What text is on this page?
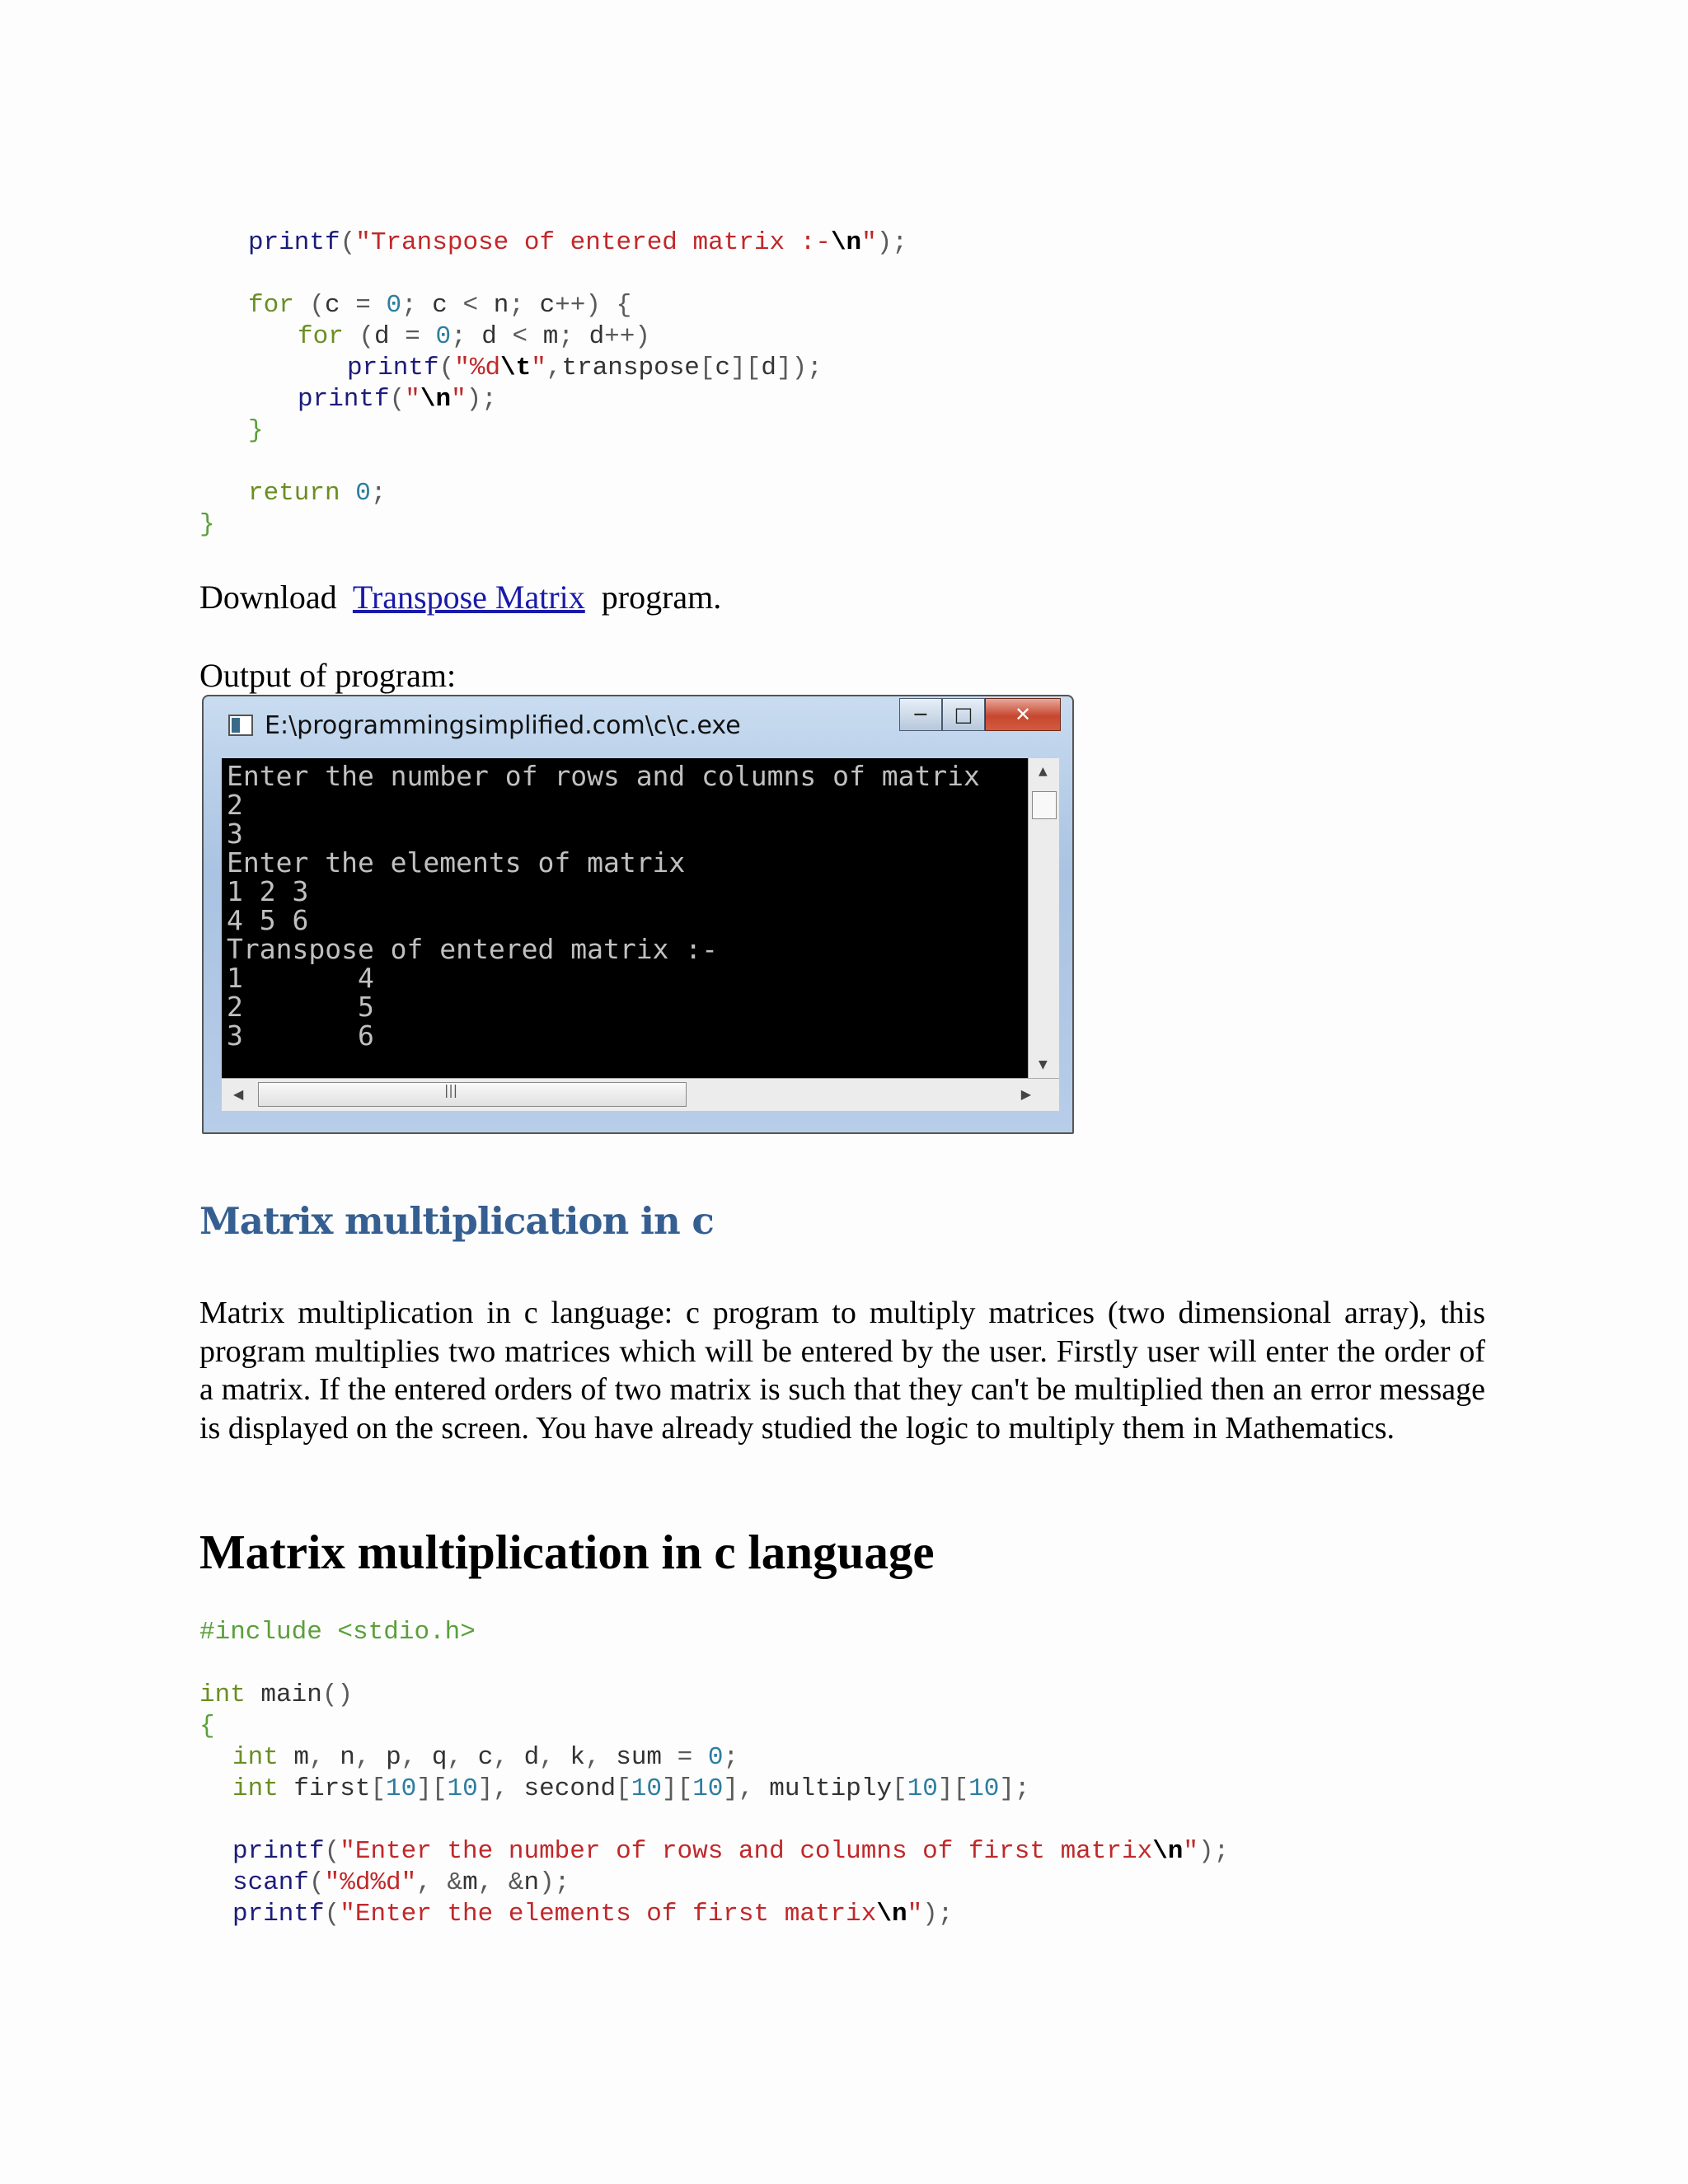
printf("Transpose of entered matrix :-\n");
for (c = 0; c < n; c++) {
for (d = 0; d < m; d++)
printf("%d\t",transpose[c][d]);
printf("\n");
}
return 0;
}
Download Transpose Matrix program.
Output of program:
E:\programmingsimplified.com\c\c.exe	─ □ ✕
Enter the number of rows and columns of matrix
2
3
Enter the elements of matrix
1 2 3
4 5 6
Transpose of entered matrix :-
1       4
2       5
3       6
▲
▼
◀	|||	▶
Matrix multiplication in c
Matrix multiplication in c language: c program to multiply matrices (two dimensional array), this program multiplies two matrices which will be entered by the user. Firstly user will enter the order of a matrix. If the entered orders of two matrix is such that they can't be multiplied then an error message is displayed on the screen. You have already studied the logic to multiply them in Mathematics.
Matrix multiplication in c language
#include <stdio.h>
int main()
{
int m, n, p, q, c, d, k, sum = 0;
int first[10][10], second[10][10], multiply[10][10];
printf("Enter the number of rows and columns of first matrix\n");
scanf("%d%d", &m, &n);
printf("Enter the elements of first matrix\n");
